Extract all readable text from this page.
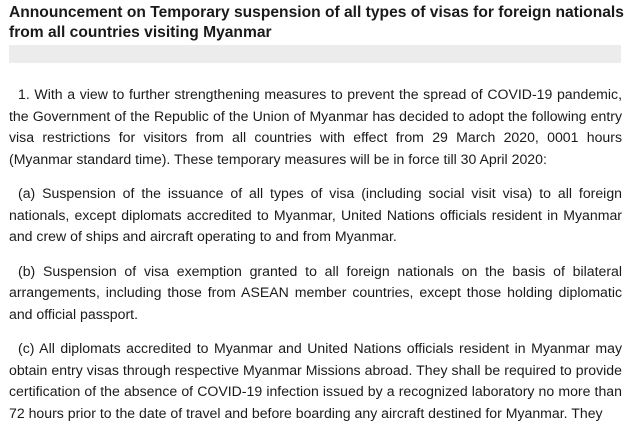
Announcement on Temporary suspension of all types of visas for foreign nationals from all countries visiting Myanmar

1. With a view to further strengthening measures to prevent the spread of COVID-19 pandemic, the Government of the Republic of the Union of Myanmar has decided to adopt the following entry visa restrictions for visitors from all countries with effect from 29 March 2020, 0001 hours (Myanmar standard time). These temporary measures will be in force till 30 April 2020:

(a) Suspension of the issuance of all types of visa (including social visit visa) to all foreign nationals, except diplomats accredited to Myanmar, United Nations officials resident in Myanmar and crew of ships and aircraft operating to and from Myanmar.

(b) Suspension of visa exemption granted to all foreign nationals on the basis of bilateral arrangements, including those from ASEAN member countries, except those holding diplomatic and official passport.

(c) All diplomats accredited to Myanmar and United Nations officials resident in Myanmar may obtain entry visas through respective Myanmar Missions abroad. They shall be required to provide certification of the absence of COVID-19 infection issued by a recognized laboratory no more than 72 hours prior to the date of travel and before boarding any aircraft destined for Myanmar. They
